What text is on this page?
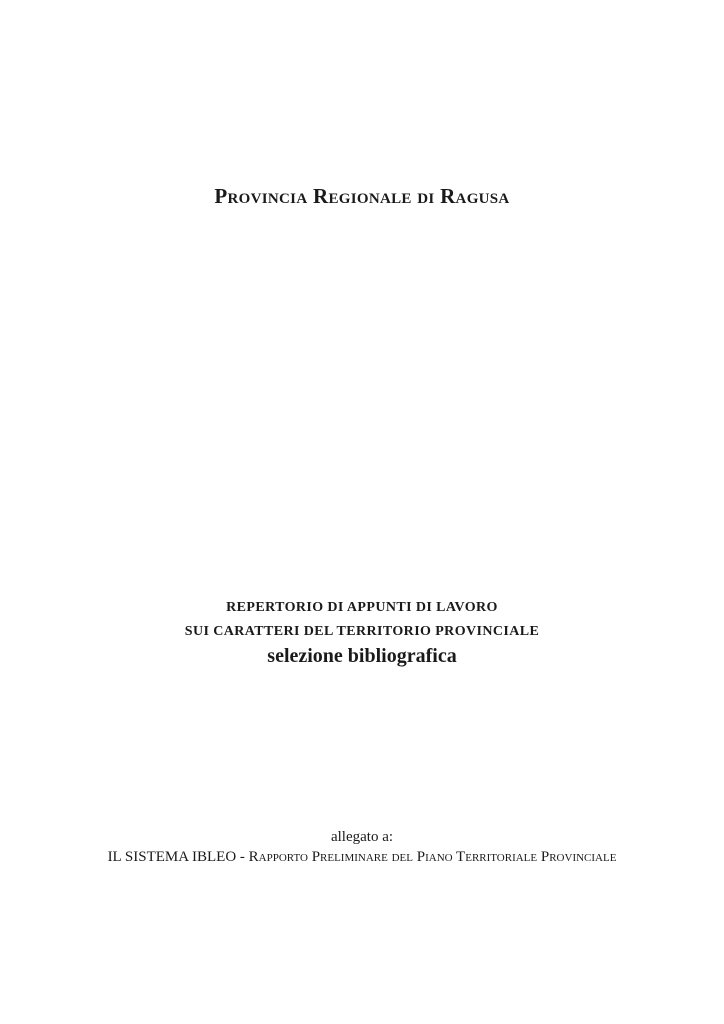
Provincia Regionale di Ragusa
REPERTORIO DI APPUNTI DI LAVORO
SUI CARATTERI DEL TERRITORIO PROVINCIALE
selezione bibliografica
allegato a:
IL SISTEMA IBLEO - Rapporto Preliminare del Piano Territoriale Provinciale
